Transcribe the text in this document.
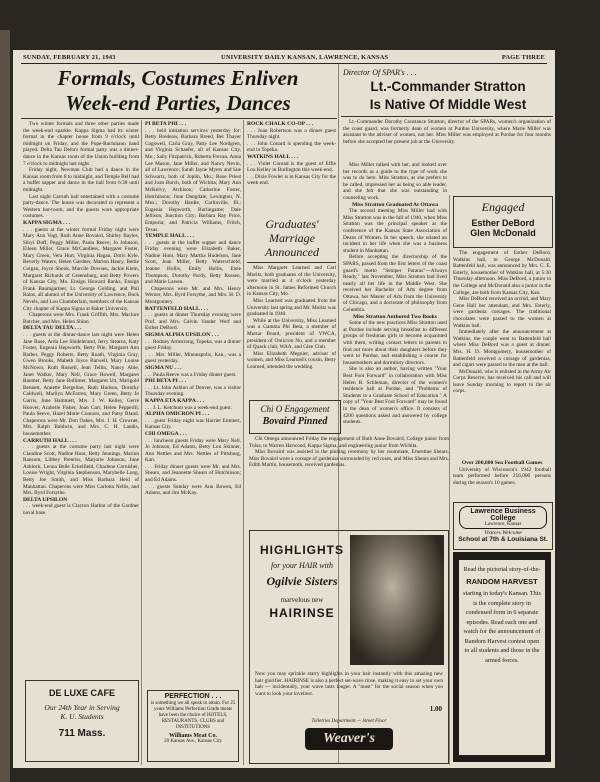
SUNDAY, FEBRUARY 21, 1943	UNIVERSITY DAILY KANSAN, LAWRENCE, KANSAS	PAGE THREE
Formals, Costumes Enliven
Week-end Parties, Dances

Two winter formals and three other parties made the week-end sparkle. Kappa Sigma had its winter formal in the chapter house from 9 o'clock until midnight on Friday, and the Pope-Bachmann band played. Delta Tau Delta's formal party was a dinner-dance in the Kansas room of the Union building from 7 o'clock to midnight last night.

Friday night, Newman Club had a dance in the Kansas room from 8 to midnight, and Temple Bell had a buffet supper and dance in the hall from 6:30 until midnight.

Last night Carruth hall entertained with a costume party-dance. The house was decorated to represent a Western bar-room, and the guests wore appropriate costumes.

KAPPA SIGMA . . .

. . . guests at the winter formal Friday night were Mary Ann Vogt, Ruth Anne Bovaird, Shirley Bayles, Sibyl Duff, Peggy Miller, Paula Reeve, Jo Johnson, Eileen Miller, Grace McCandless, Margaret Foster, Mary Green, Vera Hurt, Virginia Hagan, Doris Kyle, Beverly Waters, Helen Gardner, Marion Haury, Bettie Colgan, Joyce Shook, Marcile Dowsen, Jackie Klein, Margaret Richards of Greensburg, and Betty Powers of Kansas City, Mo. Ensign Howard Ranks, Ensign Frank Baumgartner, Lt. George Golding, and Phil Rains, all alumni of the University of Lawrence, Buck Nevels, and Lou Chamberlain, members of the Kansas City chapter of Kappa Sigma at Baker University.

Chaperons were Mrs. Frank Griffith, Mrs. Maclure Butcher, and Mrs. Helen Shinn.

DELTA TAU DELTA . . .

. . . guests at the dinner-dance last night were Helen Jane Rose, Arda Lee Shidelerand, Jerry Stearns, Katy Foster, Eugenia Hepworth, Betty Pile, Margaret Ann Barber, Peggy Roberts, Betty Roath, Virginia Gray, Gwen Brooks, Mabeth Joyce Barwell, Mary Louise McNown, Ruth Russell, Jean Tellin, Nancy Able, Janet Walker, Mary Nell, Grace Howell, Margaret Baumer, Betty Jane Bullimer, Margaret Utt, Marigold Bennett, Annette Bergeline, Ruth Hudson, Dorothy Caldwell, Marilyn McFarren, Mary Green, Betty Jo Garris, June Hammett, Mrs. J. W. Kelley, Gerre Hoover, Arabelle Fisher, Joan Carr, Helen Pepperill, Paula Seevo, Hazel Marie Connors, and Patsy Bland. Chaperons were Mr. Don Oakes, Mrs. J. H. Crowner, Mrs. Ralph Baldwin, and Mrs. C. H. Landis, housemother.

CARRUTH HALL . . .

. . . guests at the costume party last night were Claudine Scott, Nadine Hunt, Betty Jennings, Marion Ransom, Libbey Prentiss, Marjorie Johnson, June Ashlock, Leona Belle Eckelfield, Charlene Cornisher, Louise Wright, Virginia Stephenson, Marybelle Long, Betty Joe Smith, and Miss Barbara Heid of Manhattan. Chaperons were Miss Carlotta Nellis, and Mrs. Byrd Forsythe.

DELTA UPSILON

. . . week-end guest is Clayton Harbur of the Gardner naval base.

DE LUXE CAFE
Our 24th Year in Serving
K. U. Students
711 Mass.
PI BETA PHI . . .

. . . held initiation services yesterday for: Betty Bredeaw, Barbara Breed, Bel Thayer Cogswell, Carla Gray, Patty Lee Nordgren, and Virginia Schaefer, all of Kansas City, Mo.; Sally Fitzpatrick, Roberta Frevan, Anna Lee Mason, Jane Miller, and Nancy Nevin, all of Lawrence; Sarah Jayne Myers and Sue Schwartz, both of Joplin, Mo.; Rose Priest and Joan Burch, both of Wichita; Mary Ann McKelvy, Atchison; Catherine Foster, Hutchinson; June Dangdale, Lexington, N. Mex.; Dorothy Hardie, Carlinville, Ill.; Eugenia Hepworth, Burlingame; Dale Jellison, Junction City; Barbara Ray Price, Emporia; and Patricia Williams, Fritch, Texas.

TEMPLE HALL . . .

. . . guests at the buffet supper and dance Friday evening were Elizabeth Baker, Nadine Hunt, Mary Martha Hudelson, Jane Scott, Jean Miller, Betty Waterschield, Joanne Hollis, Emily Hollis, Elsie Thompson, Dorothy Purdy, Betty Rossen, and Marie Larsen.

Chaperons were Mr. and Mrs. Henry Werner, Mrs. Byrd Forsythe, and Mrs. H. D. Montgomery.

BATTENFELD HALL . . .

. . . guests at dinner Thursday evening were Prof. and Mrs. Calvin Vander Werf and Esther DeBord.

SIGMA ALPHA UPSILON . . .

. . . Rodney Armstrong, Topeka, was a dinner guest Friday.

. . . Mrs. Miller, Minneapolis, Kan., was a guest yesterday.

SIGMA NU . . .

. . . Paula Reeve was a Friday dinner guest.

PHI BETA PI . . .

. . . Lt. John Ashlon of Denver, was a visitor Thursday evening.

KAPPA ETA KAPPA . . .

. . . J. L. Ketchum was a week-end guest.

ALPHA OMICRON PI . . .

. . . guest Friday night was Harriet Emmert, Kansas City.

CHI OMEGA . . .

. . . luncheon guests Friday were Mary Nell, Jo Johnson, Ed Adams, Betty Lou Skinner, Ann Nettles and Mrs. Nettles of Pittsburg, Kan.

. . . Friday dinner guests were Mr. and Mrs. Shears, and Jeannette Shears of Hutchinson; and Ed Adams.

. . . guests Sunday were Ann Bowen, Ed Adams, and Jim McKay.

PERFECTION . . .
is something we all speak to attain. For 25 years Williams Perfection Grade meats have been the choice of HOTELS, RESTAURANTS, CLUBS and INSTITUTIONS
Williams Meat Co.
20 Kansas Ave., Kansas City
ROCK CHALK CO-OP . . .

. . . Joan Robertson was a dinner guest Thursday night.

. . . John Conard is spending the week-end in Topeka.

WATKINS HALL . . .

. . . Violet Conrad is the guest of Effie Lou Kelley in Burlington this week-end.

. . . Dixie Fowler is in Kansas City for the week-end.

Graduates'
Marriage
Announced

Miss Margaret Learned and Carl Moritz, both graduates of the University, were married at 4 o'clock yesterday afternoon in St. James Reformed Church in Kansas City, Mo.

Miss Learned was graduated from the University last spring and Mr. Moritz was graduated in 1940.

While at the University, Miss Learned was a Gamma Phi Beta, a member of Mortar Board, president of YWCA, president of Omicron Nu, and a member of Quack club, WAA, and Glee Club.

Miss Elizabeth Megnier, advisor of women, and Miss Learned's cousin, Betty Learned, attended the wedding.

Chi O Engagement
Bovaird Pinned

Chi Omega announced Friday the engagement of Ruth Anne Bovaird, College junior from Tulsa, to Warren Harwood, Kappa Sigma, and engineering junior from Wichita.

Miss Bovaird was assisted in the pinning ceremony by her roommate, Ernestine Shears. Miss Bovaird wore a corsage of gardenias surrounded by red roses, and Miss Shears and Mrs. Edith Martin, housemoth, received gardenias.

Director Of SPAR's . . .
Lt.-Commander Stratton
Is Native Of Middle West

Lt.-Commander Dorothy Constance Stratton, director of the SPARs, women's organization of the coast guard, was formerly dean of women at Purdue University, where Marie Miller was assistant to the adviser of women, not her. Miss Miller was employed at Purdue for four months before she accepted her present job at the University.

Miss Miller talked with her, and looked over her records as a guide to the type of work she was to do here. Miss Stratton, as she prefers to be called, impressed her as being so able leader, and she felt that she was outstanding in counseling work.

Miss Stratton Graduated At Ottawa

The second meeting Miss Miller had with Miss Stratton was in the fall of 1940, when Miss Stratton was the principal speaker at the conference of the Kansas State Association of Deans of Women. In her speech, she related an incident in her life when she was a business student in Manhattan.

Before accepting the directorship of the SPARS, passed from the first letters of the coast guard's motto "Semper Paratus"—Always Ready," last November, Miss Stratton had lived nearly all her life in the Middle West. She received her Bachelor of Arts degree from Ottawa, her Master of Arts from the University of Chicago, and a doctorate of philosophy from Columbia.

Miss Stratton Authored Two Books

Some of the new practices Miss Stratton used at Purdue include serving breakfast to different groups of freshman girls to become acquainted with them, writing contact letters to parents to find out more about their daughters before they went to Purdue, and establishing a course for housemothers and dormitory directors.

She is also an author, having written "Your Best Foot Forward" in collaboration with Miss Helen B. Schleman, director of the women's residence hall at Purdue, and "Problems of Students in a Graduate School of Education." A copy of "Your Best Foot Forward" may be found in the dean of women's office. It consists of 4200 questions asked and answered by college students.

Engaged
Esther DeBord
Glen McDonald

The engagement of Esther DeBord, Watkins hall, to George McDonald, Battenfeld hall, was announced by Mrs. C. E. Esterly, housemother of Watkins hall, at 5:30 Thursday afternoon. Miss DeBord, a junior in the College and McDonald also a junior in the College, are both from Kansas City, Kan.

Miss DeBord received an orchid, and Mary Gene Hall her attendant, and Mrs. Esterly, were gardenia corsages. The traditional chocolates were passed to the women at Watkins hall.

Immediately after the announcement at Watkins, the couple went to Battenfeld hall where Miss DeBord was a guest at dinner. Mrs. H. D. Montgomery, housemother of Battenfeld received a corsage of gardenias, and cigars were passed to the men at the hall.

McDonald, who is enlisted in the Army Air Corps Reserve, has received his call and will leave Sunday morning to report to the air corps.

Over 200,000 Sea Football Games

University of Wisconsin's 1942 football team performed before 256,000 persons during the season's 10 games.

Lawrence Business College
Lawrence, Kansas
Visitors Welcome
School at 7th & Louisiana St.
HIGHLIGHTS
for your HAIR with
Ogilvie Sisters
marvelous new
HAIRINSE
Now you may sprinkle starry highlights in your hair instantly with this amazing new hair glorifier. HAIRINSE is also a perfect set-wave rinse, making it easy to set your own hair — incidentally, your wave lasts longer. A "must" for the social season when you want to look your loveliest.
1.00
Toiletries Department — Street Floor
Weaver's
Read the pictorial story-of-the-
RANDOM HARVEST
starting in today's Kansan. This is the complete story in condensed form in 6 separate episodes. Read each one and watch for the announcement of Random Harvest contest open to all students and those in the armed forces.
